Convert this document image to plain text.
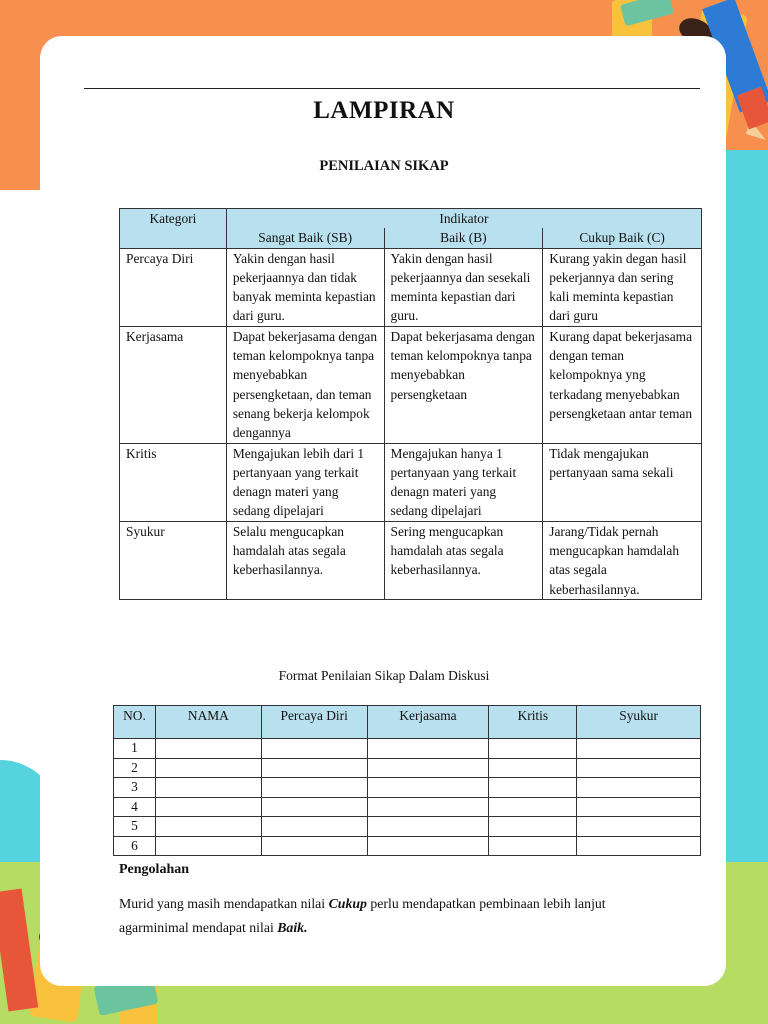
LAMPIRAN
PENILAIAN SIKAP
Kategori	Indikator		
	Sangat Baik (SB)	Baik (B)	Cukup Baik (C)
Percaya Diri	Yakin dengan hasil pekerjaannya dan tidak banyak meminta kepastian dari guru.	Yakin dengan hasil pekerjaannya dan sesekali meminta kepastian dari guru.	Kurang yakin degan hasil pekerjannya dan sering kali meminta kepastian dari guru
Kerjasama	Dapat bekerjasama dengan teman kelompoknya tanpa menyebabkan persengketaan, dan teman senang bekerja kelompok dengannya	Dapat bekerjasama dengan teman kelompoknya tanpa menyebabkan persengketaan	Kurang dapat bekerjasama dengan teman kelompoknya yng terkadang menyebabkan persengketaan antar teman
Kritis	Mengajukan lebih dari 1 pertanyaan yang terkait denagn materi yang sedang dipelajari	Mengajukan hanya 1 pertanyaan yang terkait denagn materi yang sedang dipelajari	Tidak mengajukan pertanyaan sama sekali
Syukur	Selalu mengucapkan hamdalah atas segala keberhasilannya.	Sering mengucapkan hamdalah atas segala keberhasilannya.	Jarang/Tidak pernah mengucapkan hamdalah atas segala keberhasilannya.
Format Penilaian Sikap Dalam Diskusi
NO.	NAMA	Percaya Diri	Kerjasama	Kritis	Syukur
1					
2					
3					
4					
5					
6					
Pengolahan
Murid yang masih mendapatkan nilai Cukup perlu mendapatkan pembinaan lebih lanjut agarminimal mendapat nilai Baik.
